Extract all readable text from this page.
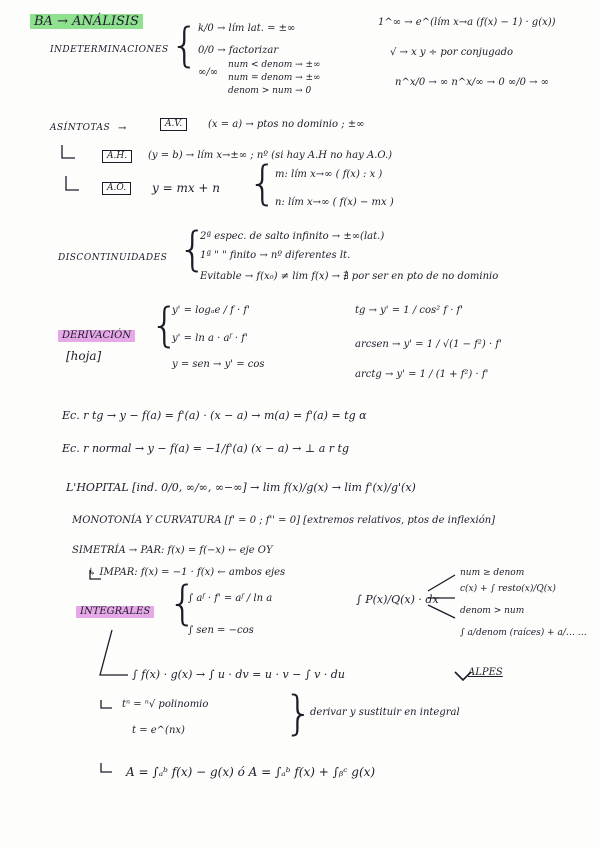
BA → ANÁLISIS
INDETERMINACIONES {
k/0 → lím lat. = ±∞
0/0 → factorizar
∞/∞
num < denom → ±∞
num = denom → ±∞
denom > num → 0
1^∞ → e^(lím x→a (f(x) − 1) · g(x))
√ → x y ÷ por conjugado
n^x/0 → ∞ n^x/∞ → 0 ∞/0 → ∞
ASÍNTOTAS →	A.V.	(x = a) → ptos no dominio ; ±∞
A.H.	(y = b) → lím x→±∞ ; nº (si hay A.H no hay A.O.)
A.O.	y = mx + n {
m: lím x→∞ ( f(x) : x )
n: lím x→∞ ( f(x) − mx )
DISCONTINUIDADES {
2ª espec. de salto infinito → ±∞(lat.)
1ª " " finito → nº diferentes lt.
Evitable → f(x₀) ≠ lim f(x) → ∄ por ser en pto de no dominio
DERIVACIÓN
[hoja]
{
y' = logₐe / f · f'
y' = ln a · aᶠ · f'
y = sen → y' = cos
tg → y' = 1 / cos² f · f'
arcsen → y' = 1 / √(1 − f²) · f'
arctg → y' = 1 / (1 + f²) · f'
Ec. r tg → y − f(a) = f'(a) · (x − a) → m(a) = f'(a) = tg α
Ec. r normal → y − f(a) = −1/f'(a) (x − a) → ⊥ a r tg
L'HOPITAL [ind. 0/0, ∞/∞, ∞−∞] → lim f(x)/g(x) → lim f'(x)/g'(x)
MONOTONÍA Y CURVATURA [f' = 0 ; f'' = 0] [extremos relativos, ptos de inflexión]
SIMETRÍA → PAR: f(x) = f(−x) ← eje OY
↳ IMPAR: f(x) = −1 · f(x) ← ambos ejes
INTEGRALES {
∫ aᶠ · f' = aᶠ / ln a
∫ sen = −cos
∫ P(x)/Q(x) · dx
num ≥ denom
c(x) + ∫ resto(x)/Q(x)
denom > num
∫ a/denom (raíces) + a/… …
∫ f(x) · g(x) → ∫ u · dv = u · v − ∫ v · du	ALPES
tⁿ = ⁿ√ polinomio
t = e^(nx) }
derivar y sustituir en integral
A = ∫ₐᵇ f(x) − g(x) ó A = ∫ₐᵇ f(x) + ∫ᵦᶜ g(x)
